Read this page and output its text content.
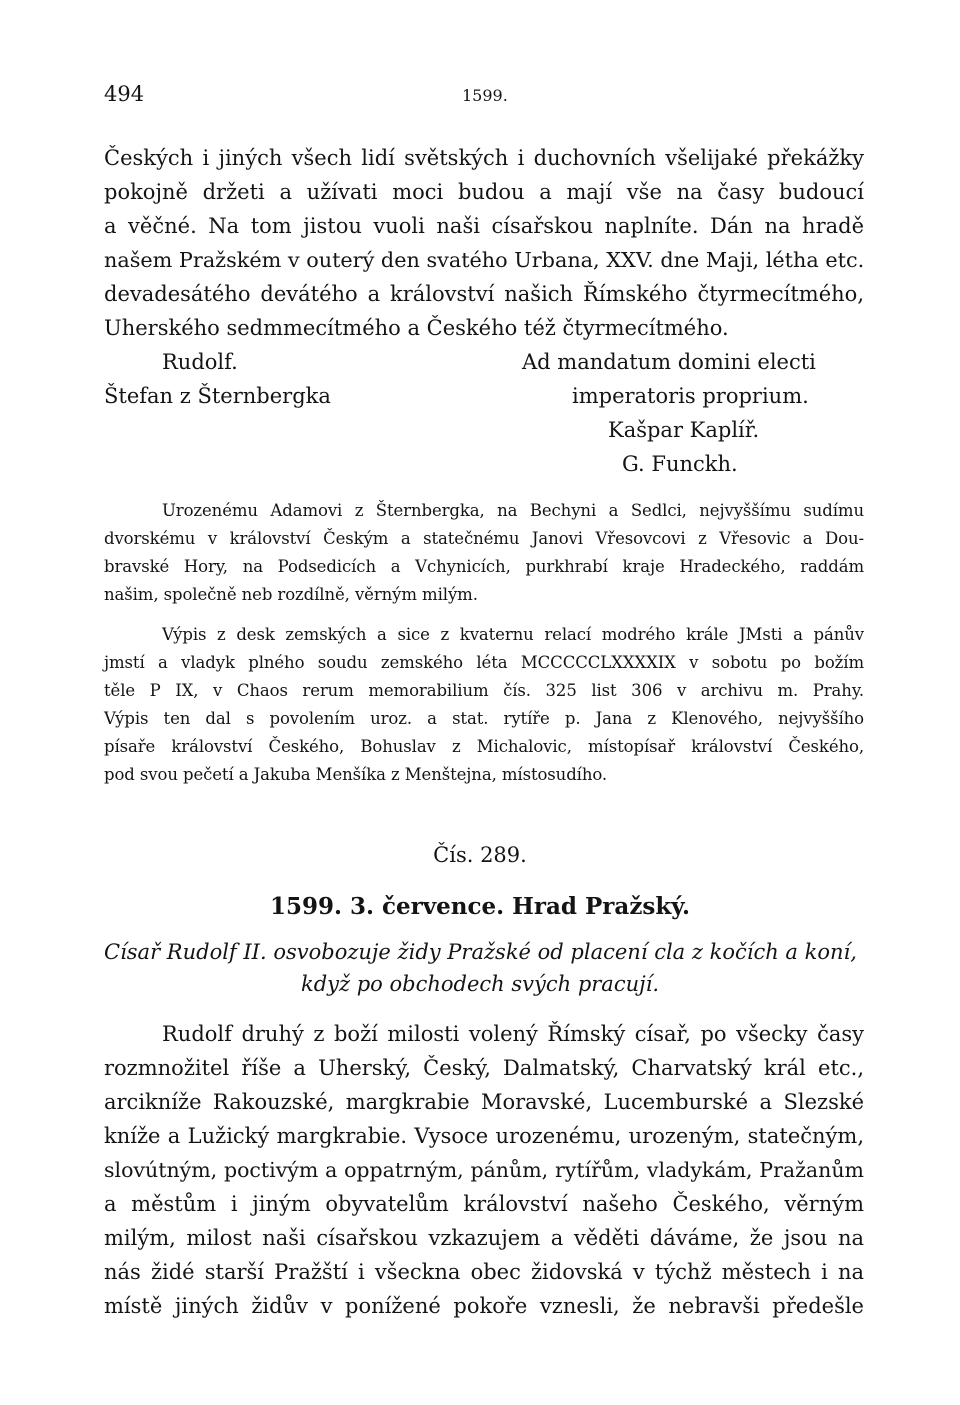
494	1599.
Českých i jiných všech lidí světských i duchovních všelijaké překážky
pokojně držeti a užívati moci budou a mají vše na časy budoucí
a věčné. Na tom jistou vuoli naši císařskou naplníte. Dán na hradě
našem Pražském v outerý den svatého Urbana, XXV. dne Maji, létha etc.
devadesátého devátého a království našich Římského čtyrmecítmého,
Uherského sedmmecítmého a Českého též čtyrmecítmého.
Rudolf.
Štefan z Šternbergka
Ad mandatum domini electi
imperatoris proprium.
Kašpar Kaplíř.
G. Funckh.
Urozenému Adamovi z Šternbergka, na Bechyni a Sedlci, nejvyššímu sudímu
dvorskému v království Českým a statečnému Janovi Vřesovcovi z Vřesovic a Dou-
bravské Hory, na Podsedicích a Vchynicích, purkhrabí kraje Hradeckého, raddám
našim, společně neb rozdílně, věrným milým.
Výpis z desk zemských a sice z kvaternu relací modrého krále JMsti a pánův
jmstí a vladyk plného soudu zemského léta MCCCCCLXXXXIX v sobotu po božím
těle P IX, v Chaos rerum memorabilium čís. 325 list 306 v archivu m. Prahy.
Výpis ten dal s povolením uroz. a stat. rytíře p. Jana z Klenového, nejvyššího
písaře království Českého, Bohuslav z Michalovic, místopísař království Českého,
pod svou pečetí a Jakuba Menšíka z Menštejna, místosudího.
Čís. 289.
1599. 3. července. Hrad Pražský.
Císař Rudolf II. osvobozuje židy Pražské od placení cla z kočích a koní,
když po obchodech svých pracují.
Rudolf druhý z boží milosti volený Římský císař, po všecky časy
rozmnožitel říše a Uherský, Český, Dalmatský, Charvatský král etc.,
arcikníže Rakouzské, margkrabie Moravské, Lucemburské a Slezské
kníže a Lužický margkrabie. Vysoce urozenému, urozeným, statečným,
slovútným, poctivým a oppatrným, pánům, rytířům, vladykám, Pražanům
a městům i jiným obyvatelům království našeho Českého, věrným
milým, milost naši císařskou vzkazujem a věděti dáváme, že jsou na
nás židé starší Pražští i všeckna obec židovská v týchž městech i na
místě jiných židův v ponížené pokoře vznesli, že nebravši předešle
